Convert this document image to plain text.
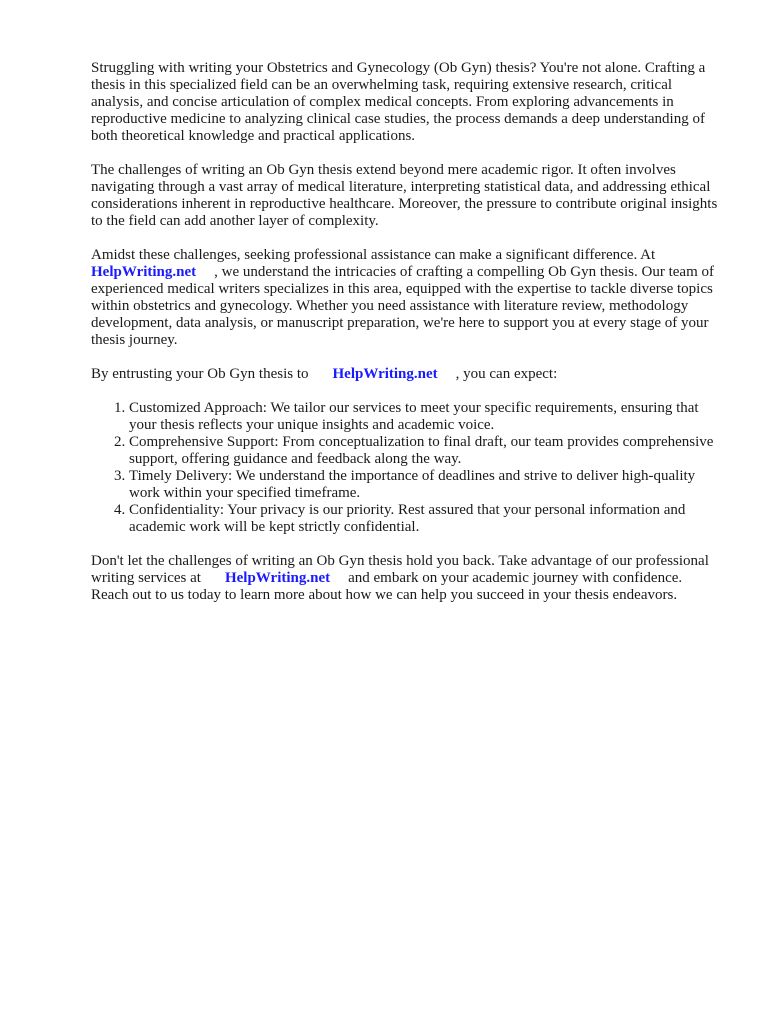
Struggling with writing your Obstetrics and Gynecology (Ob Gyn) thesis? You're not alone. Crafting a thesis in this specialized field can be an overwhelming task, requiring extensive research, critical analysis, and concise articulation of complex medical concepts. From exploring advancements in reproductive medicine to analyzing clinical case studies, the process demands a deep understanding of both theoretical knowledge and practical applications.

The challenges of writing an Ob Gyn thesis extend beyond mere academic rigor. It often involves navigating through a vast array of medical literature, interpreting statistical data, and addressing ethical considerations inherent in reproductive healthcare. Moreover, the pressure to contribute original insights to the field can add another layer of complexity.

Amidst these challenges, seeking professional assistance can make a significant difference. At
HelpWriting.net , we understand the intricacies of crafting a compelling Ob Gyn thesis. Our team of experienced medical writers specializes in this area, equipped with the expertise to tackle diverse topics within obstetrics and gynecology. Whether you need assistance with literature review, methodology development, data analysis, or manuscript preparation, we're here to support you at every stage of your thesis journey.

By entrusting your Ob Gyn thesis to HelpWriting.net , you can expect:

1. Customized Approach: We tailor our services to meet your specific requirements, ensuring that your thesis reflects your unique insights and academic voice.
2. Comprehensive Support: From conceptualization to final draft, our team provides comprehensive support, offering guidance and feedback along the way.
3. Timely Delivery: We understand the importance of deadlines and strive to deliver high-quality work within your specified timeframe.
4. Confidentiality: Your privacy is our priority. Rest assured that your personal information and academic work will be kept strictly confidential.

Don't let the challenges of writing an Ob Gyn thesis hold you back. Take advantage of our professional writing services at HelpWriting.net and embark on your academic journey with confidence. Reach out to us today to learn more about how we can help you succeed in your thesis endeavors.
